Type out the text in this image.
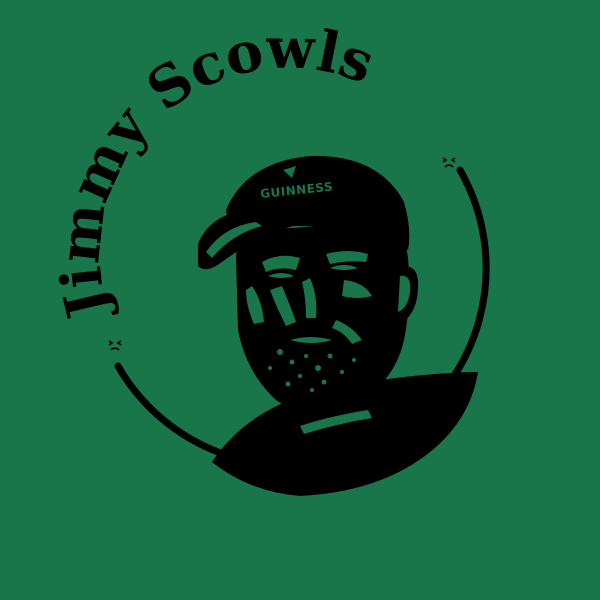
Jimmy Scowls
GUINNESS
